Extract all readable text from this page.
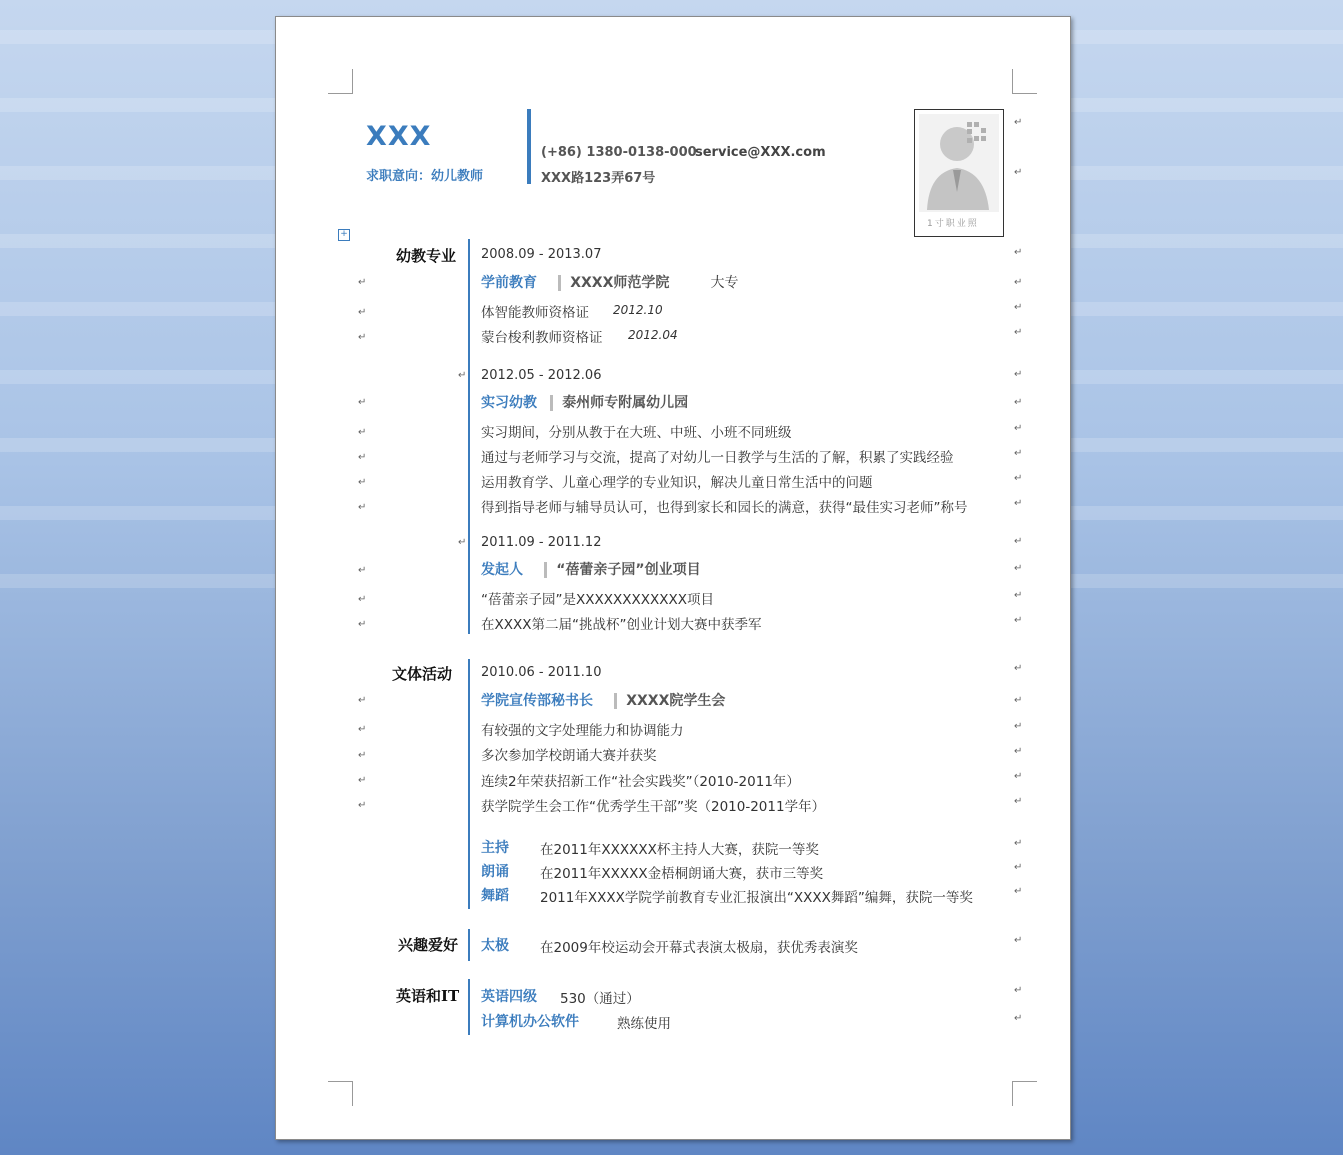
XXX
求职意向：幼儿教师
(+86) 1380-0138-000
service@XXX.com
XXX路123弄67号
1寸职业照
+
幼教专业 2008.09 - 2013.07
学前教育 XXXX师范学院	大专
体智能教师资格证 2012.10
蒙台梭利教师资格证 2012.04
2012.05 - 2012.06
实习幼教 泰州师专附属幼儿园
实习期间，分别从教于在大班、中班、小班不同班级
通过与老师学习与交流，提高了对幼儿一日教学与生活的了解，积累了实践经验
运用教育学、儿童心理学的专业知识，解决儿童日常生活中的问题
得到指导老师与辅导员认可，也得到家长和园长的满意，获得“最佳实习老师”称号
2011.09 - 2011.12
发起人 “蓓蕾亲子园”创业项目
“蓓蕾亲子园”是XXXXXXXXXXXX项目
在XXXX第二届“挑战杯”创业计划大赛中获季军
文体活动 2010.06 - 2011.10
学院宣传部秘书长 XXXX院学生会
有较强的文字处理能力和协调能力
多次参加学校朗诵大赛并获奖
连续2年荣获招新工作“社会实践奖”（2010-2011年）
获学院学生会工作“优秀学生干部”奖（2010-2011学年）
主持 在2011年XXXXXX杯主持人大赛，获院一等奖
朗诵 在2011年XXXXX金梧桐朗诵大赛，获市三等奖
舞蹈 2011年XXXX学院学前教育专业汇报演出“XXXX舞蹈”编舞，获院一等奖
兴趣爱好 太极 在2009年校运动会开幕式表演太极扇，获优秀表演奖
英语和IT 英语四级 530（通过）
计算机办公软件	熟练使用
↵
↵
↵
↵
↵
↵
↵
↵
↵
↵
↵
↵
↵
↵
↵
↵
↵
↵
↵
↵
↵
↵
↵
↵
↵
↵
↵
↵
↵
↵
↵
↵
↵
↵
↵
↵
↵
↵
↵
↵
↵
↵
↵
↵
↵
↵
